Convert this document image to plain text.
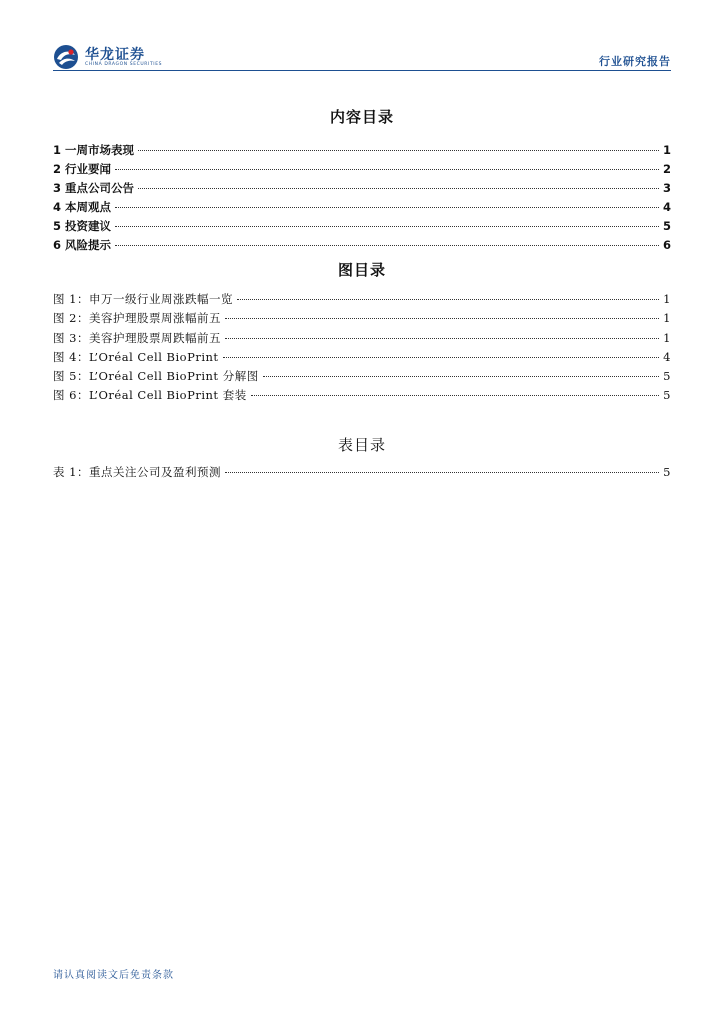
华龙证券
CHINA DRAGON SECURITIES	行业研究报告
内容目录
1 一周市场表现	1
2 行业要闻	2
3 重点公司公告	3
4 本周观点	4
5 投资建议	5
6 风险提示	6
图目录
图 1：申万一级行业周涨跌幅一览	1
图 2：美容护理股票周涨幅前五	1
图 3：美容护理股票周跌幅前五	1
图 4：L’Oréal Cell BioPrint	4
图 5：L’Oréal Cell BioPrint 分解图	5
图 6：L’Oréal Cell BioPrint 套装	5
表目录
表 1：重点关注公司及盈利预测	5
请认真阅读文后免责条款
